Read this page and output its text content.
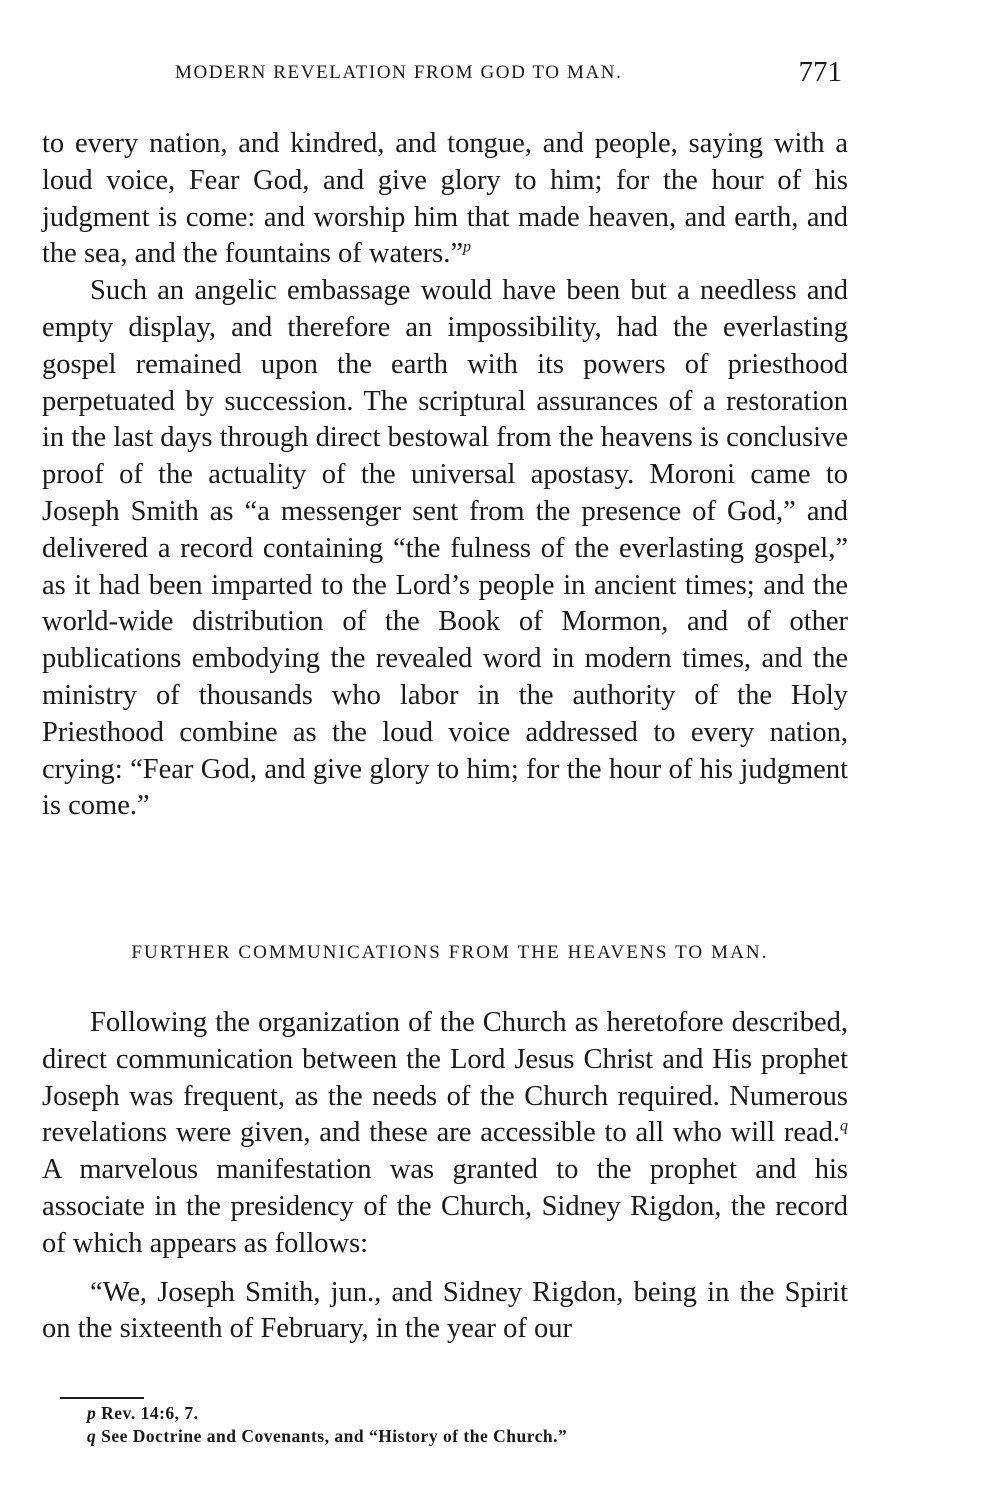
MODERN REVELATION FROM GOD TO MAN.	771

to every nation, and kindred, and tongue, and people, saying with a loud voice, Fear God, and give glory to him; for the hour of his judgment is come: and worship him that made heaven, and earth, and the sea, and the fountains of waters.”$^p$

Such an angelic embassage would have been but a needless and empty display, and therefore an impossibility, had the everlasting gospel remained upon the earth with its powers of priesthood perpetuated by succession. The scriptural assurances of a restoration in the last days through direct bestowal from the heavens is conclusive proof of the actuality of the universal apostasy. Moroni came to Joseph Smith as “a messenger sent from the presence of God,” and delivered a record containing “the fulness of the everlasting gospel,” as it had been imparted to the Lord’s people in ancient times; and the world-wide distribution of the Book of Mormon, and of other publications embodying the revealed word in modern times, and the ministry of thousands who labor in the authority of the Holy Priesthood combine as the loud voice addressed to every nation, crying: “Fear God, and give glory to him; for the hour of his judgment is come.”

FURTHER COMMUNICATIONS FROM THE HEAVENS TO MAN.

Following the organization of the Church as heretofore described, direct communication between the Lord Jesus Christ and His prophet Joseph was frequent, as the needs of the Church required. Numerous revelations were given, and these are accessible to all who will read.$^q$ A marvelous manifestation was granted to the prophet and his associate in the presidency of the Church, Sidney Rigdon, the record of which appears as follows:

“We, Joseph Smith, jun., and Sidney Rigdon, being in the Spirit on the sixteenth of February, in the year of our

p Rev. 14:6, 7.
q See Doctrine and Covenants, and “History of the Church.”
